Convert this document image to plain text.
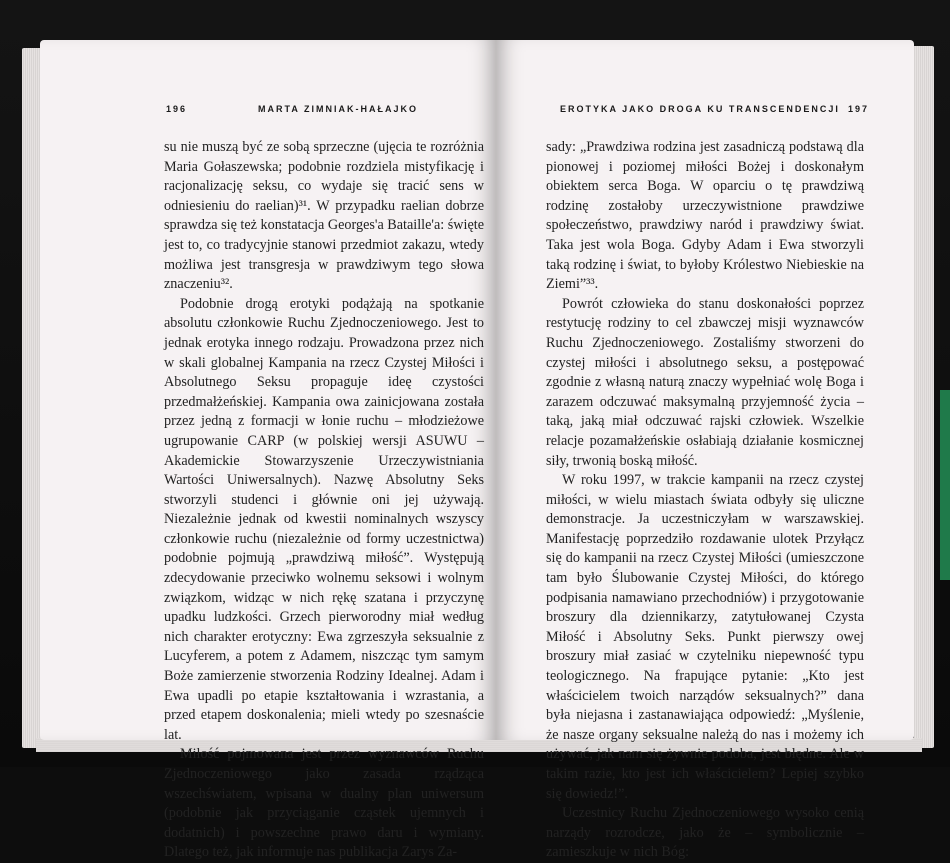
196	MARTA ZIMNIAK-HAŁAJKO

su nie muszą być ze sobą sprzeczne (ujęcia te rozróżnia Maria Gołaszewska; podobnie rozdziela mistyfikację i racjonalizację seksu, co wydaje się tracić sens w odniesieniu do raelian)³¹. W przypadku raelian dobrze sprawdza się też konstatacja Georges'a Bataille'a: święte jest to, co tradycyjnie stanowi przedmiot zakazu, wtedy możliwa jest transgresja w prawdziwym tego słowa znaczeniu³².

Podobnie drogą erotyki podążają na spotkanie absolutu członkowie Ruchu Zjednoczeniowego. Jest to jednak erotyka innego rodzaju. Prowadzona przez nich w skali globalnej Kampania na rzecz Czystej Miłości i Absolutnego Seksu propaguje ideę czystości przedmałżeńskiej. Kampania owa zainicjowana została przez jedną z formacji w łonie ruchu – młodzieżowe ugrupowanie CARP (w polskiej wersji ASUWU – Akademickie Stowarzyszenie Urzeczywistniania Wartości Uniwersalnych). Nazwę Absolutny Seks stworzyli studenci i głównie oni jej używają. Niezależnie jednak od kwestii nominalnych wszyscy członkowie ruchu (niezależnie od formy uczestnictwa) podobnie pojmują „prawdziwą miłość”. Występują zdecydowanie przeciwko wolnemu seksowi i wolnym związkom, widząc w nich rękę szatana i przyczynę upadku ludzkości. Grzech pierworodny miał według nich charakter erotyczny: Ewa zgrzeszyła seksualnie z Lucyferem, a potem z Adamem, niszcząc tym samym Boże zamierzenie stworzenia Rodziny Idealnej. Adam i Ewa upadli po etapie kształtowania i wzrastania, a przed etapem doskonalenia; mieli wtedy po szesnaście lat.

Miłość pojmowana jest przez wyznawców Ruchu Zjednoczeniowego jako zasada rządząca wszechświatem, wpisana w dualny plan uniwersum (podobnie jak przyciąganie cząstek ujemnych i dodatnich) i powszechne prawo daru i wymiany. Dlatego też, jak informuje nas publikacja Zarys Za-

EROTYKA JAKO DROGA KU TRANSCENDENCJI 197

sady: „Prawdziwa rodzina jest zasadniczą podstawą dla pionowej i poziomej miłości Bożej i doskonałym obiektem serca Boga. W oparciu o tę prawdziwą rodzinę zostałoby urzeczywistnione prawdziwe społeczeństwo, prawdziwy naród i prawdziwy świat. Taka jest wola Boga. Gdyby Adam i Ewa stworzyli taką rodzinę i świat, to byłoby Królestwo Niebieskie na Ziemi”³³.

Powrót człowieka do stanu doskonałości poprzez restytucję rodziny to cel zbawczej misji wyznawców Ruchu Zjednoczeniowego. Zostaliśmy stworzeni do czystej miłości i absolutnego seksu, a postępować zgodnie z własną naturą znaczy wypełniać wolę Boga i zarazem odczuwać maksymalną przyjemność życia – taką, jaką miał odczuwać rajski człowiek. Wszelkie relacje pozamałżeńskie osłabiają działanie kosmicznej siły, trwonią boską miłość.

W roku 1997, w trakcie kampanii na rzecz czystej miłości, w wielu miastach świata odbyły się uliczne demonstracje. Ja uczestniczyłam w warszawskiej. Manifestację poprzedziło rozdawanie ulotek Przyłącz się do kampanii na rzecz Czystej Miłości (umieszczone tam było Ślubowanie Czystej Miłości, do którego podpisania namawiano przechodniów) i przygotowanie broszury dla dziennikarzy, zatytułowanej Czysta Miłość i Absolutny Seks. Punkt pierwszy owej broszury miał zasiać w czytelniku niepewność typu teologicznego. Na frapujące pytanie: „Kto jest właścicielem twoich narządów seksualnych?” dana była niejasna i zastanawiająca odpowiedź: „Myślenie, że nasze organy seksualne należą do nas i możemy ich używać, jak nam się żywnie podoba, jest błędne. Ale w takim razie, kto jest ich właścicielem? Lepiej szybko się dowiedz!”.

Uczestnicy Ruchu Zjednoczeniowego wysoko cenią narządy rozrodcze, jako że – symbolicznie – zamieszkuje w nich Bóg:
